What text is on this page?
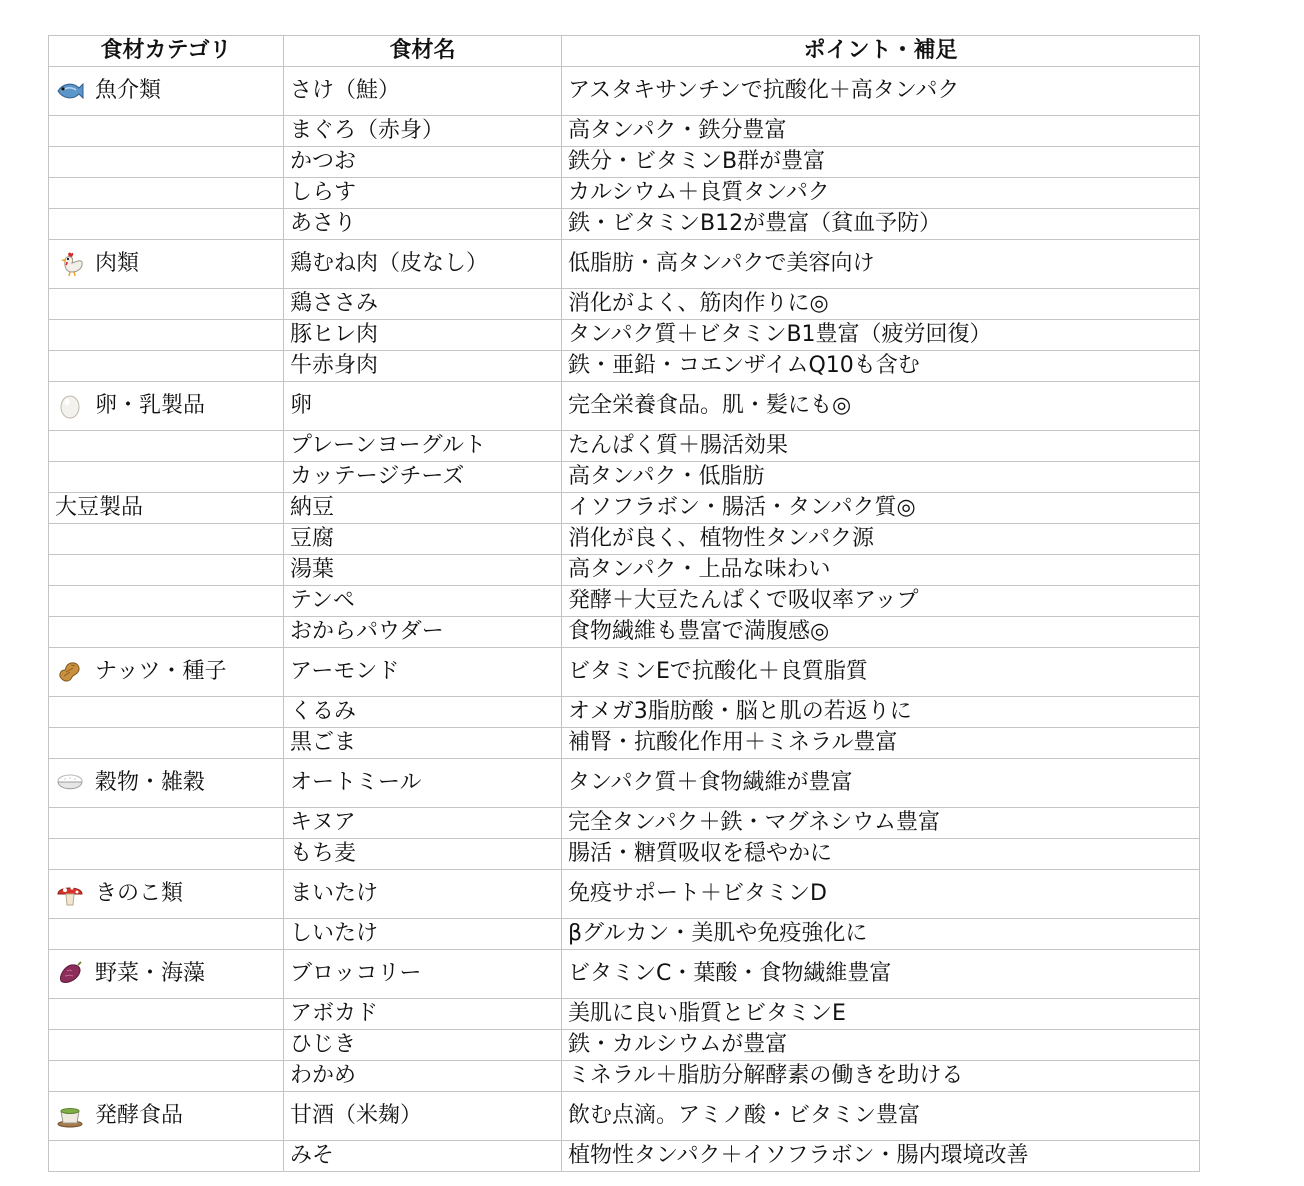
食材カテゴリ	食材名	ポイント・補足

魚介類	さけ（鮭）	アスタキサンチンで抗酸化＋高タンパク
	まぐろ（赤身）	高タンパク・鉄分豊富
	かつお	鉄分・ビタミンB群が豊富
	しらす	カルシウム＋良質タンパク
	あさり	鉄・ビタミンB12が豊富（貧血予防）

肉類	鶏むね肉（皮なし）	低脂肪・高タンパクで美容向け
	鶏ささみ	消化がよく、筋肉作りに◎
	豚ヒレ肉	タンパク質＋ビタミンB1豊富（疲労回復）
	牛赤身肉	鉄・亜鉛・コエンザイムQ10も含む

卵・乳製品	卵	完全栄養食品。肌・髪にも◎
	プレーンヨーグルト	たんぱく質＋腸活効果
	カッテージチーズ	高タンパク・低脂肪
大豆製品	納豆	イソフラボン・腸活・タンパク質◎
	豆腐	消化が良く、植物性タンパク源
	湯葉	高タンパク・上品な味わい
	テンペ	発酵＋大豆たんぱくで吸収率アップ
	おからパウダー	食物繊維も豊富で満腹感◎

ナッツ・種子	アーモンド	ビタミンEで抗酸化＋良質脂質
	くるみ	オメガ3脂肪酸・脳と肌の若返りに
	黒ごま	補腎・抗酸化作用＋ミネラル豊富

穀物・雑穀	オートミール	タンパク質＋食物繊維が豊富
	キヌア	完全タンパク＋鉄・マグネシウム豊富
	もち麦	腸活・糖質吸収を穏やかに

きのこ類	まいたけ	免疫サポート＋ビタミンD
	しいたけ	βグルカン・美肌や免疫強化に

野菜・海藻	ブロッコリー	ビタミンC・葉酸・食物繊維豊富
	アボカド	美肌に良い脂質とビタミンE
	ひじき	鉄・カルシウムが豊富
	わかめ	ミネラル＋脂肪分解酵素の働きを助ける

発酵食品	甘酒（米麹）	飲む点滴。アミノ酸・ビタミン豊富
	みそ	植物性タンパク＋イソフラボン・腸内環境改善
